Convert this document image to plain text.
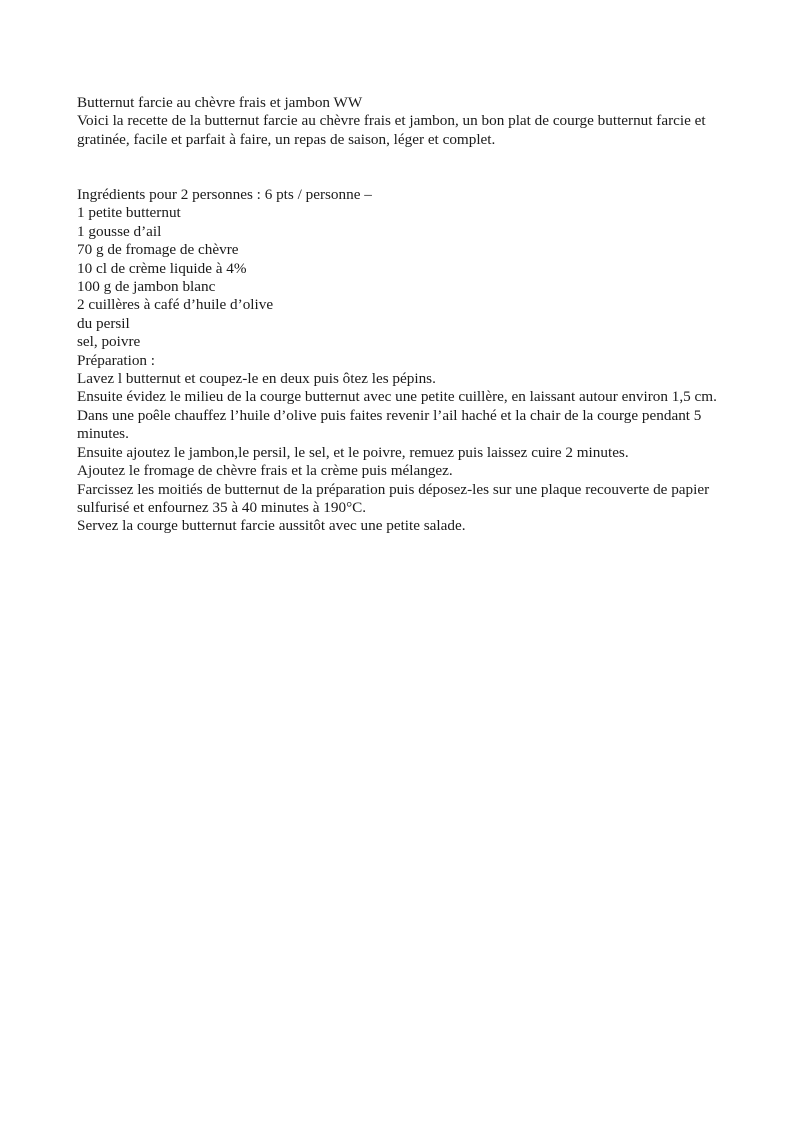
Butternut farcie au chèvre frais et jambon WW
Voici la recette de la butternut farcie au chèvre frais et jambon, un bon plat de courge butternut farcie et gratinée, facile et parfait à faire, un repas de saison, léger et complet.
Ingrédients pour 2 personnes : 6 pts / personne –
1 petite butternut
1 gousse d’ail
70 g de fromage de chèvre
10 cl de crème liquide à 4%
100 g de jambon blanc
2 cuillères à café d’huile d’olive
du persil
sel, poivre
Préparation :
Lavez l butternut et coupez-le en deux puis ôtez les pépins.
Ensuite évidez le milieu de la courge butternut avec une petite cuillère, en laissant autour environ 1,5 cm.
Dans une poêle chauffez l’huile d’olive puis faites revenir l’ail haché et la chair de la courge pendant 5 minutes.
Ensuite ajoutez le jambon,le persil, le sel, et le poivre, remuez puis laissez cuire 2 minutes.
Ajoutez le fromage de chèvre frais et la crème puis mélangez.
Farcissez les moitiés de butternut de la préparation puis déposez-les sur une plaque recouverte de papier sulfurisé et enfournez 35 à 40 minutes à 190°C.
Servez la courge butternut farcie aussitôt avec une petite salade.
